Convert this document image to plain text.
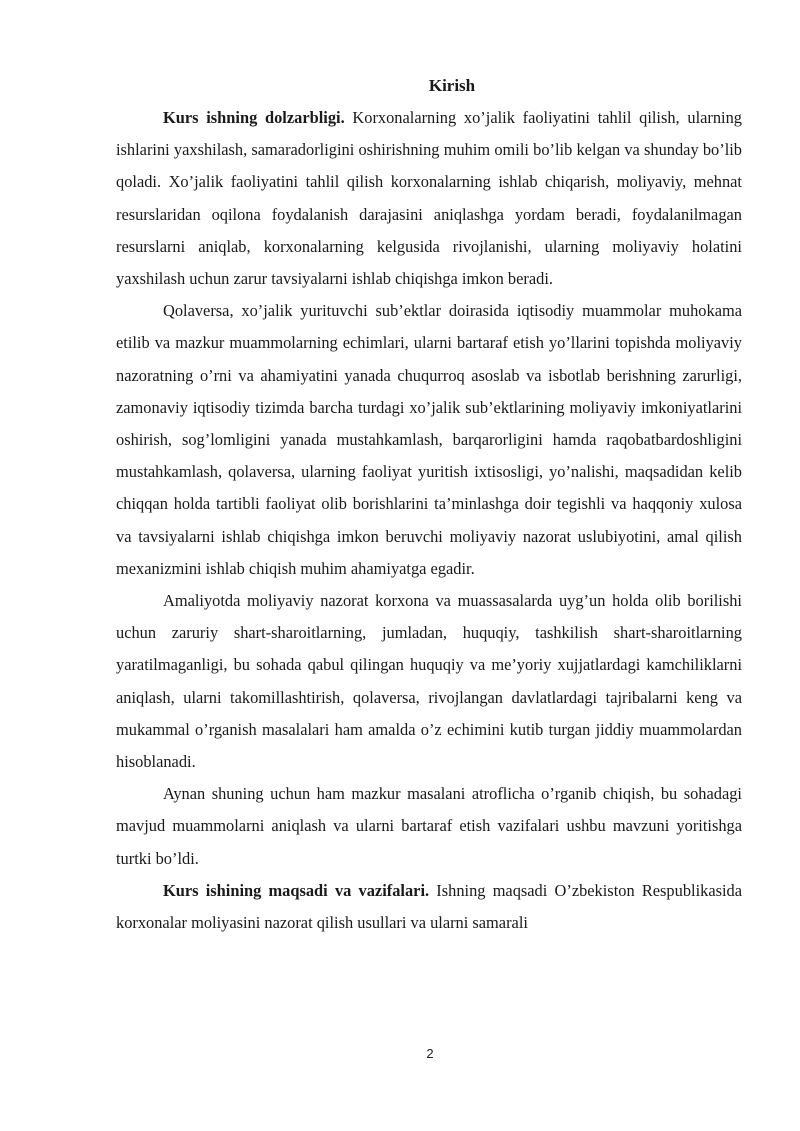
Kirish

Kurs ishning dolzarbligi. Korxonalarning xo’jalik faoliyatini tahlil qilish, ularning ishlarini yaxshilash, samaradorligini oshirishning muhim omili bo’lib kelgan va shunday bo’lib qoladi. Xo’jalik faoliyatini tahlil qilish korxonalarning ishlab chiqarish, moliyaviy, mehnat resurslaridan oqilona foydalanish darajasini aniqlashga yordam beradi, foydalanilmagan resurslarni aniqlab, korxonalarning kelgusida rivojlanishi, ularning moliyaviy holatini yaxshilash uchun zarur tavsiyalarni ishlab chiqishga imkon beradi.

Qolaversa, xo’jalik yurituvchi sub’ektlar doirasida iqtisodiy muammolar muhokama etilib va mazkur muammolarning echimlari, ularni bartaraf etish yo’llarini topishda moliyaviy nazoratning o’rni va ahamiyatini yanada chuqurroq asoslab va isbotlab berishning zarurligi, zamonaviy iqtisodiy tizimda barcha turdagi xo’jalik sub’ektlarining moliyaviy imkoniyatlarini oshirish, sog’lomligini yanada mustahkamlash, barqarorligini hamda raqobatbardoshligini mustahkamlash, qolaversa, ularning faoliyat yuritish ixtisosligi, yo’nalishi, maqsadidan kelib chiqqan holda tartibli faoliyat olib borishlarini ta’minlashga doir tegishli va haqqoniy xulosa va tavsiyalarni ishlab chiqishga imkon beruvchi moliyaviy nazorat uslubiyotini, amal qilish mexanizmini ishlab chiqish muhim ahamiyatga egadir.

Amaliyotda moliyaviy nazorat korxona va muassasalarda uyg’un holda olib borilishi uchun zaruriy shart-sharoitlarning, jumladan, huquqiy, tashkilish shart-sharoitlarning yaratilmaganligi, bu sohada qabul qilingan huquqiy va me’yoriy xujjatlardagi kamchiliklarni aniqlash, ularni takomillashtirish, qolaversa, rivojlangan davlatlardagi tajribalarni keng va mukammal o’rganish masalalari ham amalda o’z echimini kutib turgan jiddiy muammolardan hisoblanadi.

Aynan shuning uchun ham mazkur masalani atroflicha o’rganib chiqish, bu sohadagi mavjud muammolarni aniqlash va ularni bartaraf etish vazifalari ushbu mavzuni yoritishga turtki bo’ldi.

Kurs ishining maqsadi va vazifalari. Ishning maqsadi O’zbekiston Respublikasida korxonalar moliyasini nazorat qilish usullari va ularni samarali

2
